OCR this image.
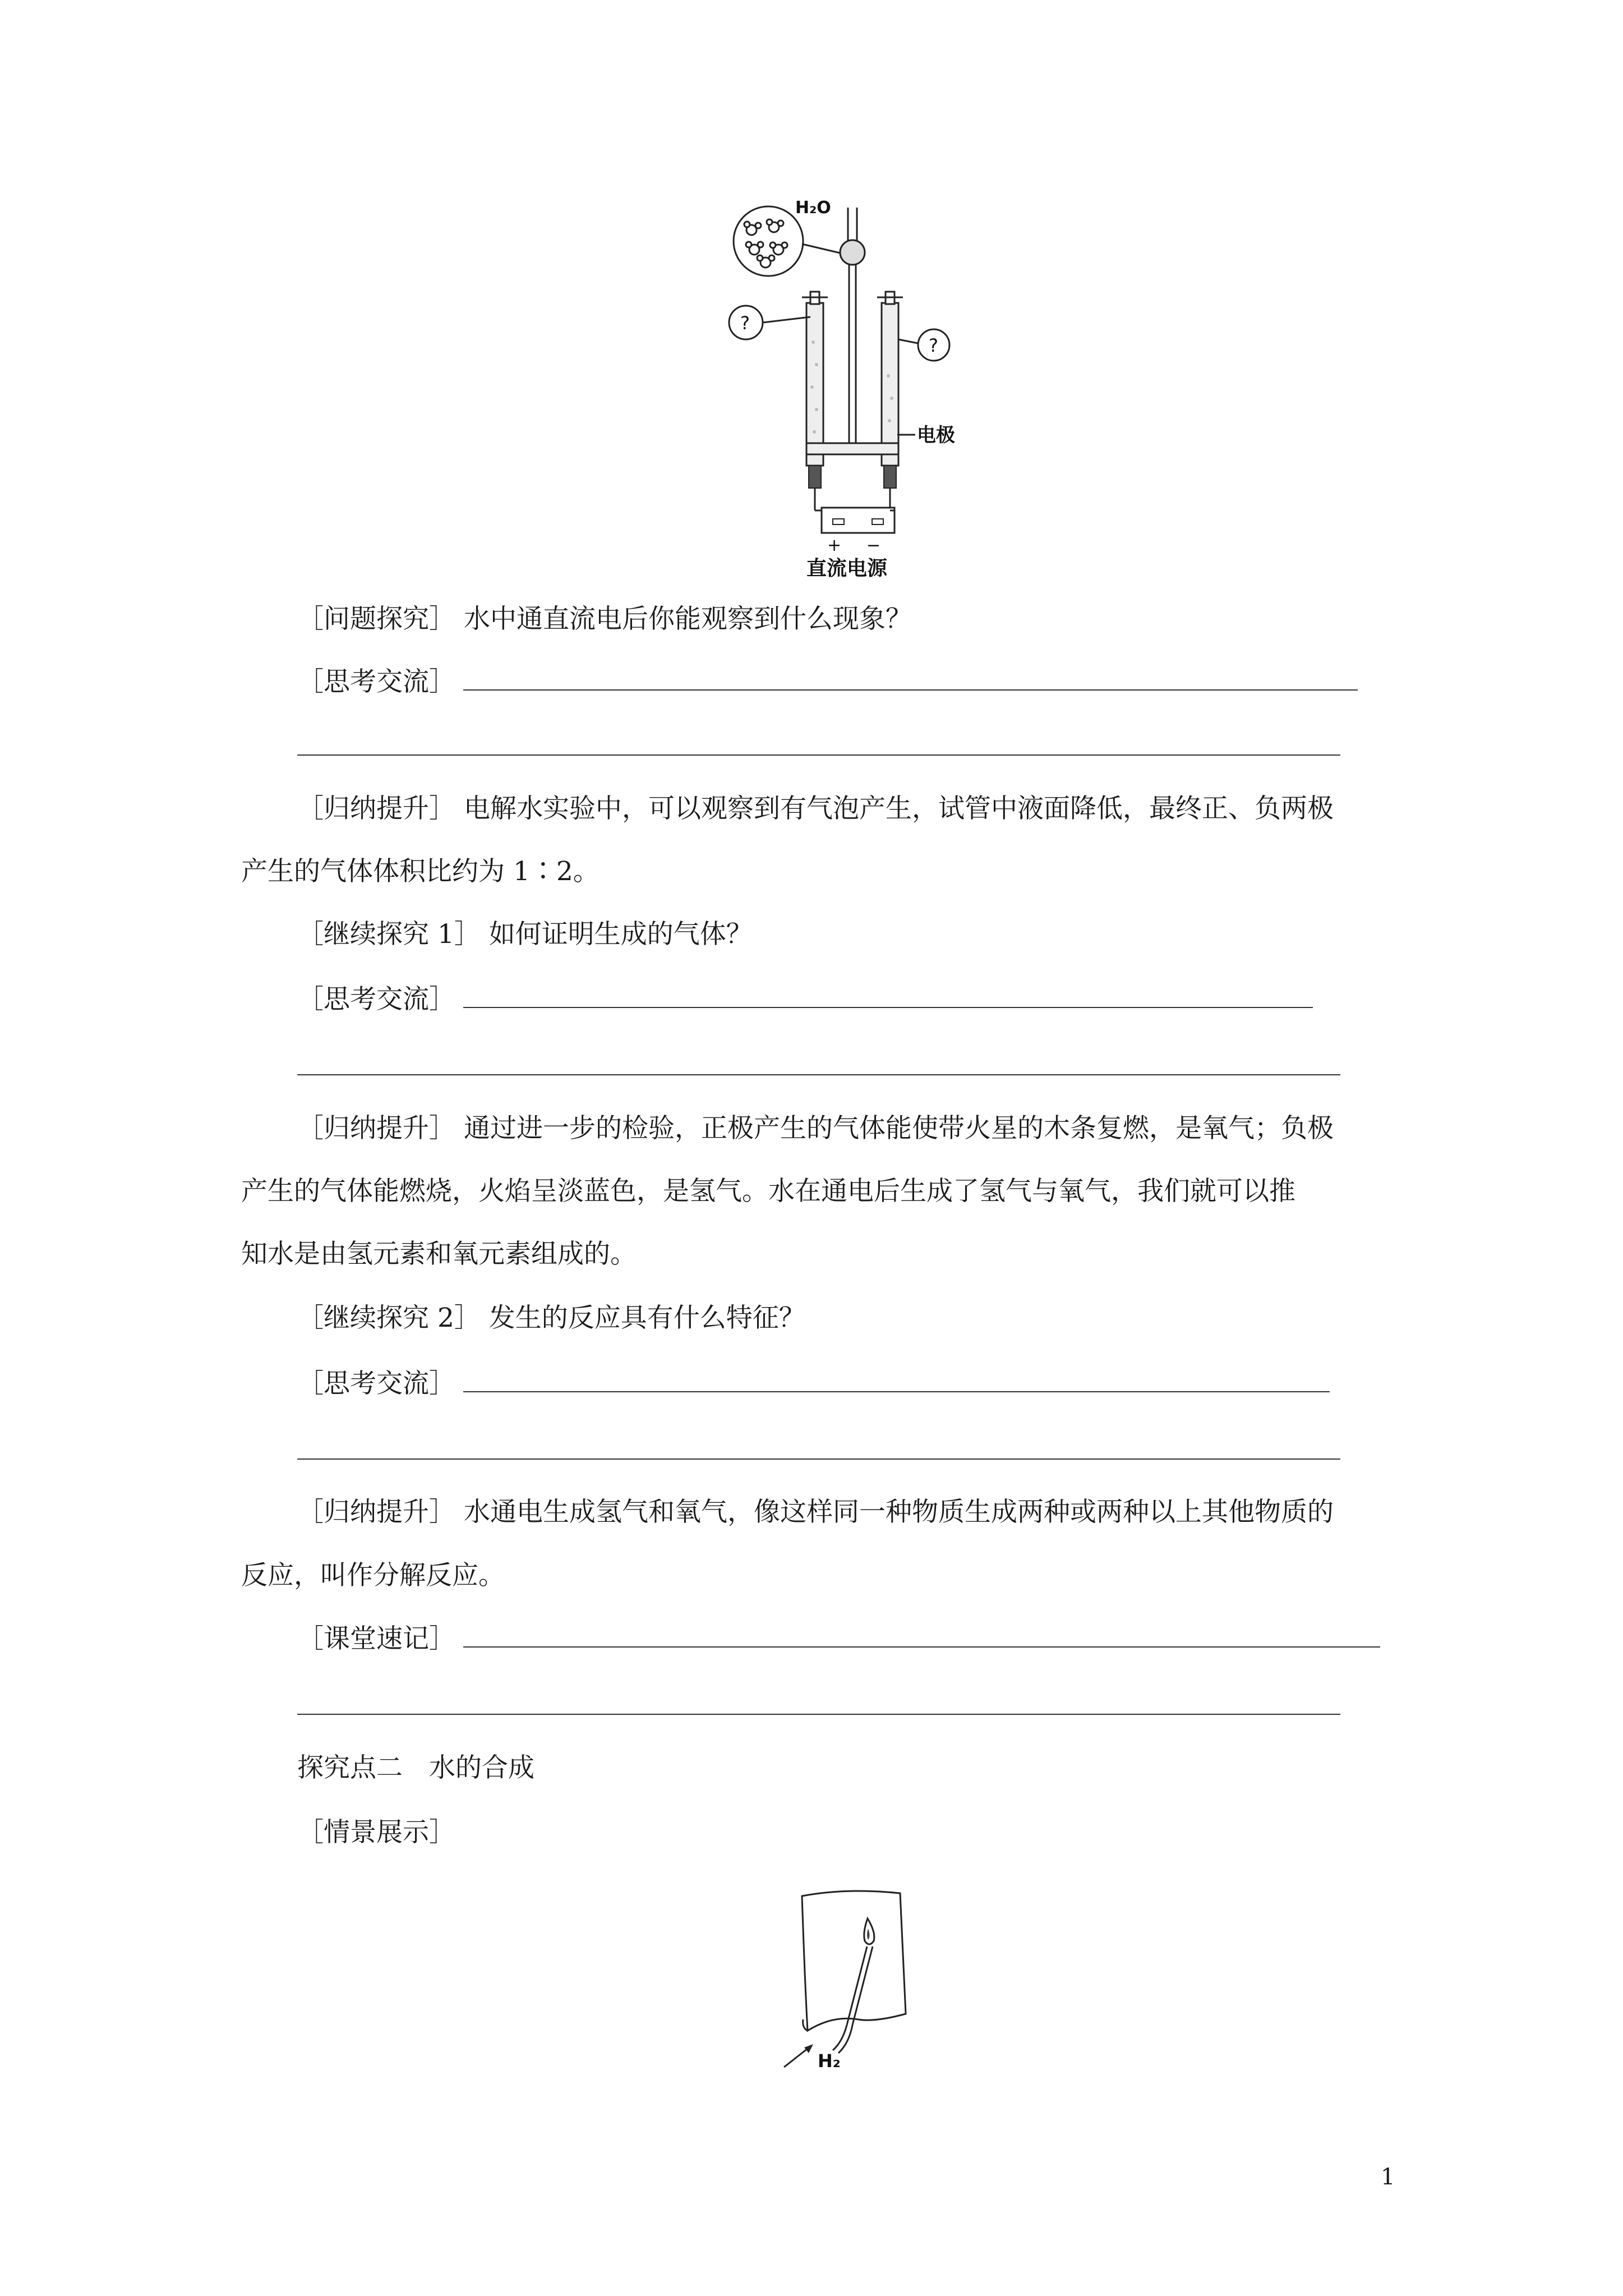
H₂O
?
?
电极
+ −
直流电源
［问题探究］ 水中通直流电后你能观察到什么现象？
［思考交流］
［归纳提升］ 电解水实验中，可以观察到有气泡产生，试管中液面降低，最终正、负两极
产生的气体体积比约为 1∶2。
［继续探究 1］ 如何证明生成的气体？
［思考交流］
［归纳提升］ 通过进一步的检验，正极产生的气体能使带火星的木条复燃，是氧气；负极
产生的气体能燃烧，火焰呈淡蓝色，是氢气。水在通电后生成了氢气与氧气，我们就可以推
知水是由氢元素和氧元素组成的。
［继续探究 2］ 发生的反应具有什么特征？
［思考交流］
［归纳提升］ 水通电生成氢气和氧气，像这样同一种物质生成两种或两种以上其他物质的
反应，叫作分解反应。
［课堂速记］
探究点二　水的合成
［情景展示］
H₂
1
